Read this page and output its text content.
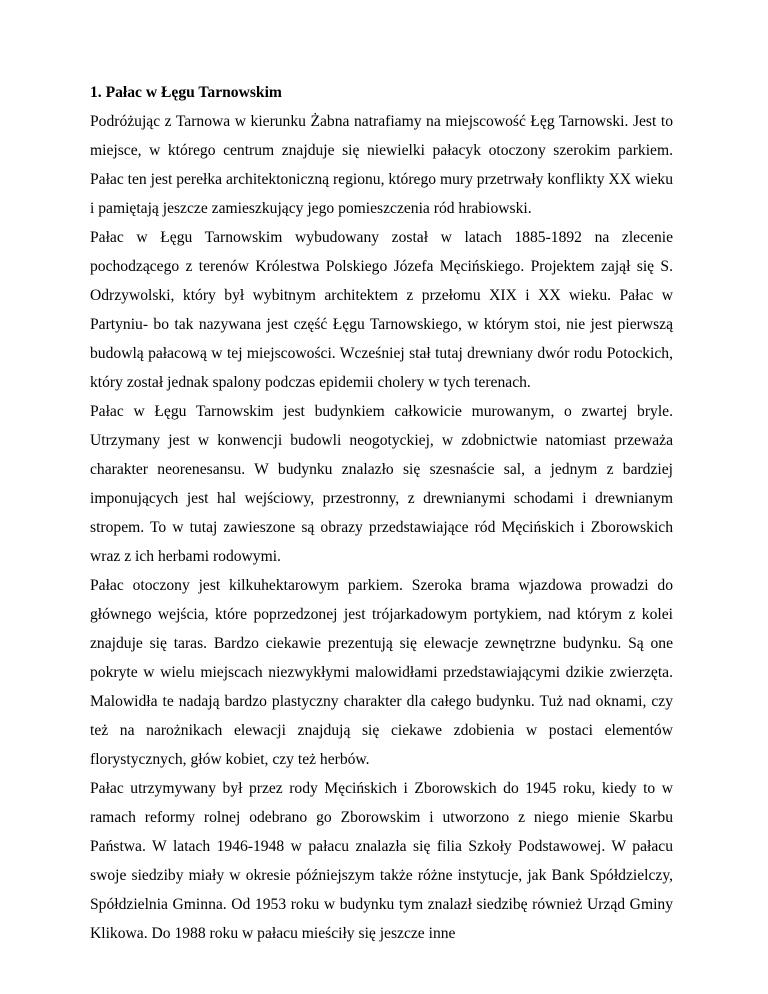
1. Pałac w Łęgu Tarnowskim

Podróżując z Tarnowa w kierunku Żabna natrafiamy na miejscowość Łęg Tarnowski. Jest to miejsce, w którego centrum znajduje się niewielki pałacyk otoczony szerokim parkiem. Pałac ten jest perełka architektoniczną regionu, którego mury przetrwały konflikty XX wieku i pamiętają jeszcze zamieszkujący jego pomieszczenia ród hrabiowski.

Pałac w Łęgu Tarnowskim wybudowany został w latach 1885-1892 na zlecenie pochodzącego z terenów Królestwa Polskiego Józefa Męcińskiego. Projektem zajął się S. Odrzywolski, który był wybitnym architektem z przełomu XIX i XX wieku. Pałac w Partyniu- bo tak nazywana jest część Łęgu Tarnowskiego, w którym stoi, nie jest pierwszą budowlą pałacową w tej miejscowości. Wcześniej stał tutaj drewniany dwór rodu Potockich, który został jednak spalony podczas epidemii cholery w tych terenach.

Pałac w Łęgu Tarnowskim jest budynkiem całkowicie murowanym, o zwartej bryle. Utrzymany jest w konwencji budowli neogotyckiej, w zdobnictwie natomiast przeważa charakter neorenesansu. W budynku znalazło się szesnaście sal, a jednym z bardziej imponujących jest hal wejściowy, przestronny, z drewnianymi schodami i drewnianym stropem. To w tutaj zawieszone są obrazy przedstawiające ród Męcińskich i Zborowskich wraz z ich herbami rodowymi.

Pałac otoczony jest kilkuhektarowym parkiem. Szeroka brama wjazdowa prowadzi do głównego wejścia, które poprzedzonej jest trójarkadowym portykiem, nad którym z kolei znajduje się taras. Bardzo ciekawie prezentują się elewacje zewnętrzne budynku. Są one pokryte w wielu miejscach niezwykłymi malowidłami przedstawiającymi dzikie zwierzęta. Malowidła te nadają bardzo plastyczny charakter dla całego budynku. Tuż nad oknami, czy też na narożnikach elewacji znajdują się ciekawe zdobienia w postaci elementów florystycznych, głów kobiet, czy też herbów.

Pałac utrzymywany był przez rody Męcińskich i Zborowskich do 1945 roku, kiedy to w ramach reformy rolnej odebrano go Zborowskim i utworzono z niego mienie Skarbu Państwa. W latach 1946-1948 w pałacu znalazła się filia Szkoły Podstawowej. W pałacu swoje siedziby miały w okresie późniejszym także różne instytucje, jak Bank Spółdzielczy, Spółdzielnia Gminna. Od 1953 roku w budynku tym znalazł siedzibę również Urząd Gminy Klikowa. Do 1988 roku w pałacu mieściły się jeszcze inne
